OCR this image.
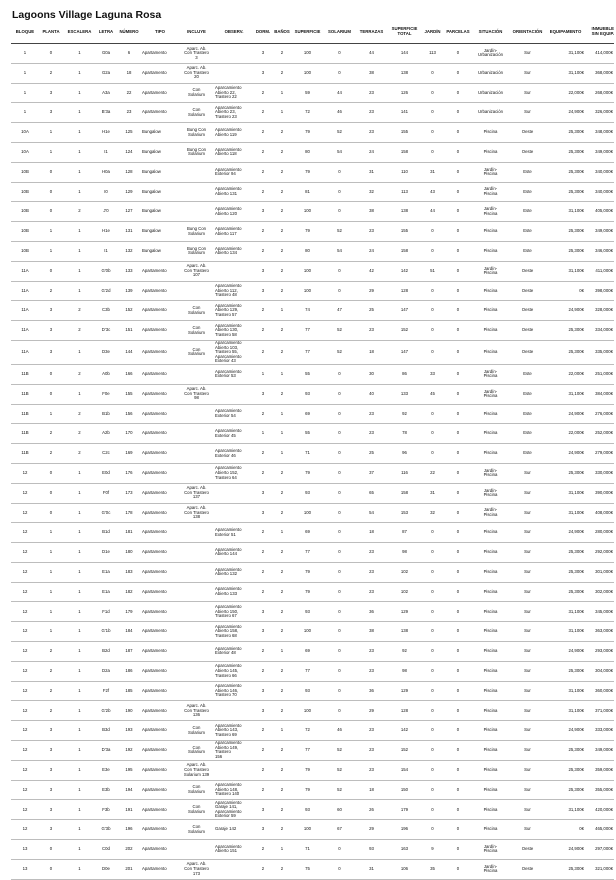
Lagoons Village Laguna Rosa
BLOQUE	PLANTA	ESCALERA	LETRA	NÚMERO	TIPO	INCLUYE	OBSERV.	DORM.	BAÑOS	SUPERFICIE	SOLARIUM	TERRAZAS	SUPERFICIE
TOTAL	JARDÍN	PARCELAS	SITUACIÓN	ORIENTACIÓN	EQUIPAMENTO	INMUEBLE
SIN EQUIP.
1	0	1	G0a	6	Apartamento	Aparc. Ab.
Con Trastero
3		3	2	100	0	44	144	113	0	Jardín-
Urbanización	Sur	31,100€	414,000€
1	2	1	G2a	18	Apartamento	Aparc. Ab.
Con Trastero
20		3	2	100	0	38	138	0	0	Urbanización	Sur	31,100€	368,000€
1	3	1	A3a	22	Apartamento	Con
Solarium	Aparcamiento
Abierto 22,
Trastero 22	2	1	59	44	23	126	0	0	Urbanización	Sur	22,000€	268,000€
1	3	1	B'3a	23	Apartamento	Con
Solarium	Aparcamiento
Abierto 23,
Trastero 23	2	1	72	46	23	141	0	0	Urbanización	Sur	24,900€	326,000€
10A	1	1	H1e	125	Bungalow	Bung Con
Solarium	Aparcamiento
Abierto 119	2	2	79	52	23	155	0	0	Piscina	Oeste	25,300€	348,000€
10A	1	1	I1	124	Bungalow	Bung Con
Solarium	Aparcamiento
Abierto 118	2	2	80	54	24	158	0	0	Piscina	Oeste	25,300€	349,000€
10B	0	1	H0a	128	Bungalow		Aparcamiento
Exterior 94	2	2	79	0	31	110	31	0	Jardín-
Piscina	Este	25,300€	340,000€
10B	0	1	I0	129	Bungalow		Aparcamiento
Abierto 131	2	2	81	0	32	113	43	0	Jardín-
Piscina	Este	25,300€	340,000€
10B	0	2	J'0	127	Bungalow		Aparcamiento
Abierto 120	3	2	100	0	38	138	44	0	Jardín-
Piscina	Este	31,100€	405,000€
10B	1	1	H1e	131	Bungalow	Bung Con
Solarium	Aparcamiento
Abierto 117	2	2	79	52	23	155	0	0	Piscina	Este	25,300€	349,000€
10B	1	1	I1	132	Bungalow	Bung Con
Solarium	Aparcamiento
Abierto 134	2	2	80	54	24	158	0	0	Piscina	Este	25,300€	346,000€
11A	0	1	G'0b	133	Apartamento	Aparc. Ab.
Con Trastero
107		3	2	100	0	42	142	51	0	Jardín-
Piscina	Oeste	31,100€	411,000€
11A	2	1	G'2d	139	Apartamento		Aparcamiento
Abierto 112,
Trastero 48	3	2	100	0	29	128	0	0	Piscina	Oeste	0€	398,000€
11A	3	2	C3b	152	Apartamento	Con
Solarium	Aparcamiento
Abierto 129,
Trastero 57	2	1	74	47	25	147	0	0	Piscina	Oeste	24,900€	328,000€
11A	3	2	D'3c	151	Apartamento	Con
Solarium	Aparcamiento
Abierto 130,
Trastero 58	2	2	77	52	23	152	0	0	Piscina	Oeste	25,300€	334,000€
11A	3	1	D3e	144	Apartamento	Con
Solarium	Aparcamiento
Abierto 103,
Trastero 55,
Aparcamiento
Exterior 43	2	2	77	52	18	147	0	0	Piscina	Oeste	25,300€	335,000€
11B	0	2	A0b	166	Apartamento		Aparcamiento
Exterior 53	1	1	55	0	30	86	33	0	Jardín-
Piscina	Este	22,000€	251,000€
11B	0	1	F0e	155	Apartamento	Aparc. Ab.
Con Trastero
98		3	2	93	0	40	133	45	0	Jardín-
Piscina	Este	31,100€	384,000€
11B	1	2	B1b	156	Apartamento		Aparcamiento
Exterior 54	2	1	69	0	23	92	0	0	Piscina	Este	24,900€	276,000€
11B	2	2	A2b	170	Apartamento		Aparcamiento
Exterior 45	1	1	55	0	23	78	0	0	Piscina	Este	22,000€	252,000€
11B	2	2	C2c	169	Apartamento		Aparcamiento
Exterior 46	2	1	71	0	25	96	0	0	Piscina	Este	24,900€	279,000€
12	0	1	E0d	176	Apartamento		Aparcamiento
Abierto 152,
Trastero 64	2	2	79	0	37	116	22	0	Jardín-
Piscina	Sur	25,300€	330,000€
12	0	1	F0f	173	Apartamento	Aparc. Ab.
Con Trastero
137		3	2	93	0	65	158	31	0	Jardín-
Piscina	Sur	31,100€	390,000€
12	0	1	G'0c	178	Apartamento	Aparc. Ab.
Con Trastero
138		3	2	100	0	54	153	32	0	Jardín-
Piscina	Sur	31,100€	408,000€
12	1	1	B1d	181	Apartamento		Aparcamiento
Exterior 51	2	1	69	0	18	87	0	0	Piscina	Sur	24,900€	280,000€
12	1	1	D1e	180	Apartamento		Aparcamiento
Abierto 144	2	2	77	0	23	98	0	0	Piscina	Sur	25,300€	292,000€
12	1	1	E1a	183	Apartamento		Aparcamiento
Abierto 132	2	2	79	0	23	102	0	0	Piscina	Sur	25,300€	301,000€
12	1	1	E1a	182	Apartamento		Aparcamiento
Abierto 133	2	2	79	0	23	102	0	0	Piscina	Sur	25,300€	302,000€
12	1	1	F1d	179	Apartamento		Aparcamiento
Abierto 150,
Trastero 67	3	2	93	0	36	129	0	0	Piscina	Sur	31,100€	345,000€
12	1	1	G'1b	184	Apartamento		Aparcamiento
Abierto 158,
Trastero 68	3	2	100	0	38	138	0	0	Piscina	Sur	31,100€	363,000€
12	2	1	B2d	187	Apartamento		Aparcamiento
Exterior 48	2	1	69	0	23	92	0	0	Piscina	Sur	24,900€	293,000€
12	2	1	D2a	186	Apartamento		Aparcamiento
Abierto 145,
Trastero 66	2	2	77	0	23	98	0	0	Piscina	Sur	25,300€	304,000€
12	2	1	F2f	185	Apartamento		Aparcamiento
Abierto 146,
Trastero 70	3	2	93	0	36	129	0	0	Piscina	Sur	31,100€	360,000€
12	2	1	G'2b	190	Apartamento	Aparc. Ab.
Con Trastero
136		3	2	100	0	29	128	0	0	Piscina	Sur	31,100€	371,000€
12	3	1	B3d	193	Apartamento	Con
Solarium	Aparcamiento
Abierto 143,
Trastero 69	2	1	72	46	23	142	0	0	Piscina	Sur	24,900€	333,000€
12	3	1	D'3a	192	Apartamento	Con
Solarium	Aparcamiento
Abierto 149,
Trastero
156	2	2	77	52	23	152	0	0	Piscina	Sur	25,300€	349,000€
12	3	1	E3e	195	Apartamento	Aparc. Ab.
Con Trastero
Solarium 139		2	2	79	52	23	154	0	0	Piscina	Sur	25,300€	359,000€
12	3	1	E3b	194	Apartamento	Con
Solarium	Aparcamiento
Abierto 148,
Trastero 140	2	2	79	52	18	150	0	0	Piscina	Sur	25,300€	355,000€
12	3	1	F3b	191	Apartamento	Con
Solarium	Aparcamiento
Garaje 141,
Aparcamiento
Exterior 59	3	2	93	60	26	179	0	0	Piscina	Sur	31,100€	420,000€
12	3	1	G'3b	196	Apartamento	Con
Solarium	Garaje 142	3	2	100	67	29	196	0	0	Piscina	Sur	0€	465,000€
13	0	1	C0d	202	Apartamento		Aparcamiento
Abierto 151	2	1	71	0	93	163	9	0	Jardín-
Piscina	Oeste	24,900€	297,000€
13	0	1	D0e	201	Apartamento	Aparc. Ab.
Con Trastero
173		2	2	75	0	31	106	35	0	Jardín-
Piscina	Oeste	25,300€	321,000€
